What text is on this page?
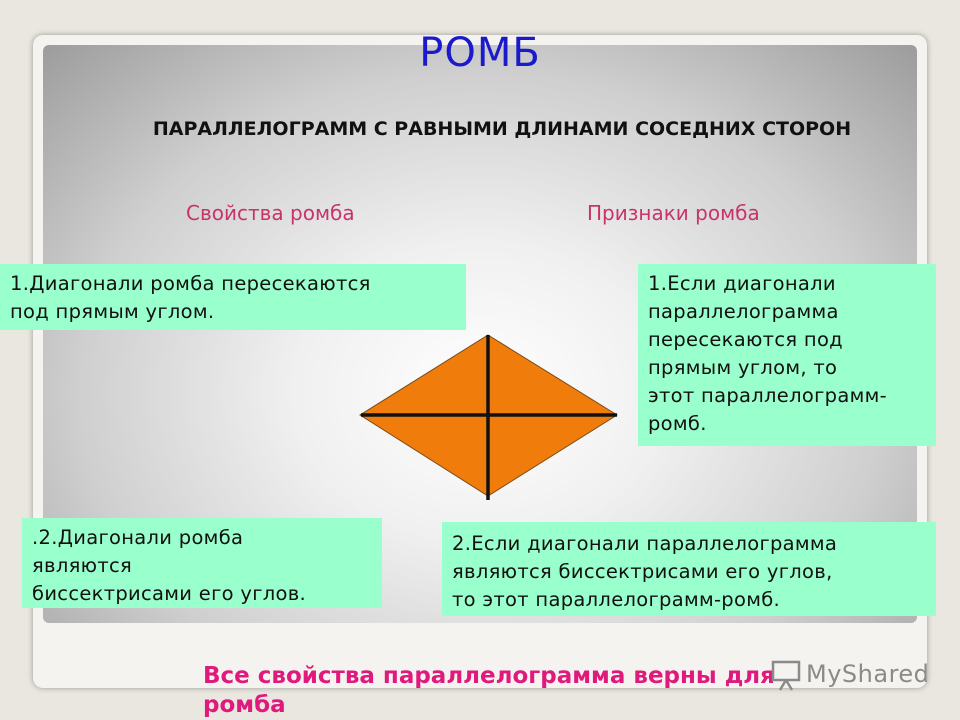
РОМБ
ПАРАЛЛЕЛОГРАММ С РАВНЫМИ ДЛИНАМИ СОСЕДНИХ СТОРОН
Свойства ромба	Признаки ромба

1.Диагонали ромба пересекаются
под прямым углом.

1.Если диагонали
параллелограмма
пересекаются под
прямым углом, то
этот параллелограмм-
ромб.

.2.Диагонали ромба
являются
биссектрисами его углов.

2.Если диагонали параллелограмма
являются биссектрисами его углов,
то этот параллелограмм-ромб.

Все свойства параллелограмма верны для ромба
MyShared
